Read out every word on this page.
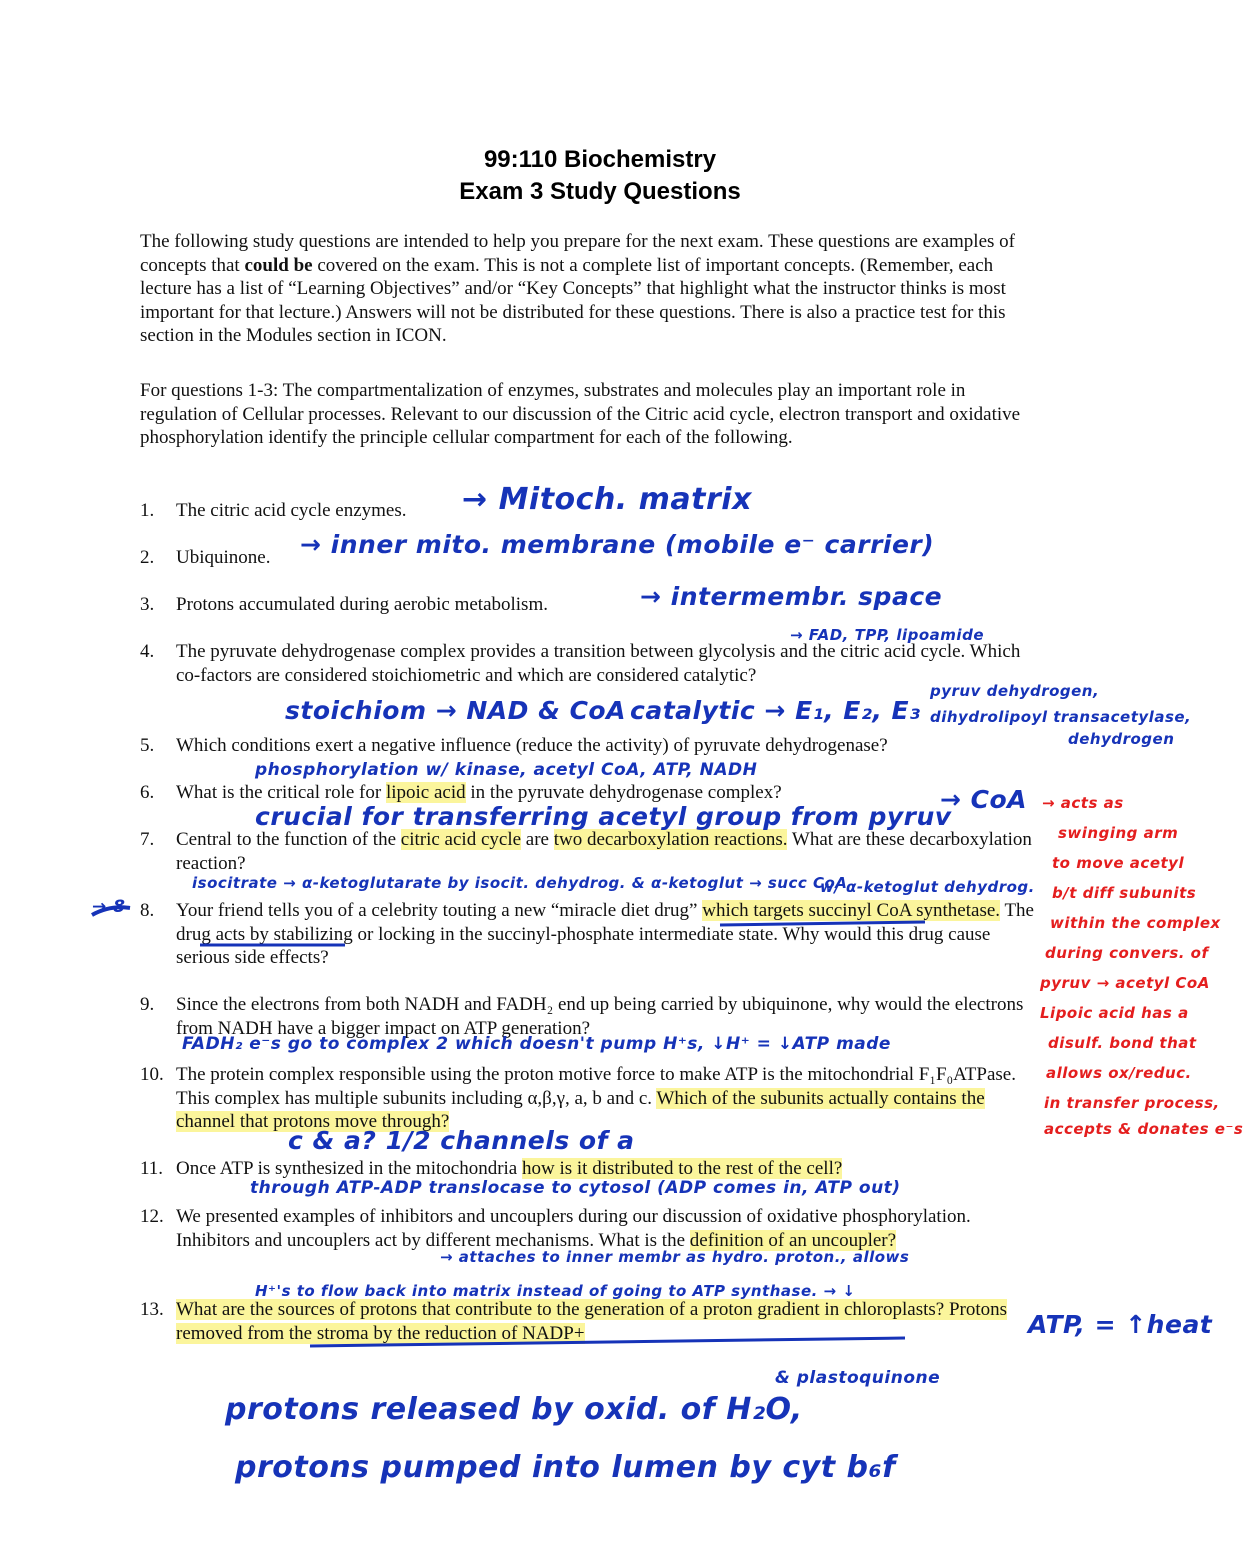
99:110 Biochemistry
Exam 3 Study Questions

The following study questions are intended to help you prepare for the next exam. These questions are examples of concepts that could be covered on the exam. This is not a complete list of important concepts. (Remember, each lecture has a list of “Learning Objectives” and/or “Key Concepts” that highlight what the instructor thinks is most important for that lecture.) Answers will not be distributed for these questions. There is also a practice test for this section in the Modules section in ICON.

For questions 1-3: The compartmentalization of enzymes, substrates and molecules play an important role in regulation of Cellular processes. Relevant to our discussion of the Citric acid cycle, electron transport and oxidative phosphorylation identify the principle cellular compartment for each of the following.

1.	The citric acid cycle enzymes.
2.	Ubiquinone.
3.	Protons accumulated during aerobic metabolism.
4.	The pyruvate dehydrogenase complex provides a transition between glycolysis and the citric acid cycle. Which co-factors are considered stoichiometric and which are considered catalytic?
5.	Which conditions exert a negative influence (reduce the activity) of pyruvate dehydrogenase?
6.	What is the critical role for lipoic acid in the pyruvate dehydrogenase complex?
7.	Central to the function of the citric acid cycle are two decarboxylation reactions. What are these decarboxylation reaction?
8.	Your friend tells you of a celebrity touting a new “miracle diet drug” which targets succinyl CoA synthetase. The drug acts by stabilizing or locking in the succinyl-phosphate intermediate state. Why would this drug cause serious side effects?
9.	Since the electrons from both NADH and FADH₂ end up being carried by ubiquinone, why would the electrons from NADH have a bigger impact on ATP generation?
10. The protein complex responsible using the proton motive force to make ATP is the mitochondrial F₁F₀ATPase. This complex has multiple subunits including α,β,γ, a, b and c. Which of the subunits actually contains the channel that protons move through?
11. Once ATP is synthesized in the mitochondria how is it distributed to the rest of the cell?
12. We presented examples of inhibitors and uncouplers during our discussion of oxidative phosphorylation. Inhibitors and uncouplers act by different mechanisms. What is the definition of an uncoupler?
13. What are the sources of protons that contribute to the generation of a proton gradient in chloroplasts? Protons removed from the stroma by the reduction of NADP+
→ Mitoch. matrix
→ inner mito. membrane (mobile e⁻ carrier)
→ intermembr. space
→ FAD, TPP, lipoamide
stoichiom → NAD & CoA catalytic → E₁, E₂, E₃
pyruv dehydrogen,
dihydrolipoyl transacetylase,
dehydrogen
phosphorylation w/ kinase, acetyl CoA, ATP, NADH
crucial for transferring acetyl group from pyruv
→ CoA
isocitrate → α-ketoglutarate by isocit. dehydrog. & α-ketoglut → succ CoA
w/ α-ketoglut dehydrog.
→ 8
FADH₂ e⁻s go to complex 2 which doesn't pump H⁺s, ↓H⁺ = ↓ATP made
c & a? 1/2 channels of a
through ATP-ADP translocase to cytosol (ADP comes in, ATP out)
→ attaches to inner membr as hydro. proton., allows
H⁺'s to flow back into matrix instead of going to ATP synthase. → ↓
ATP, = ↑heat
& plastoquinone
protons released by oxid. of H₂O,
protons pumped into lumen by cyt b₆f
→ acts as
swinging arm
to move acetyl
b/t diff subunits
within the complex
during convers. of
pyruv → acetyl CoA
Lipoic acid has a
disulf. bond that
allows ox/reduc.
in transfer process,
accepts & donates e⁻s
